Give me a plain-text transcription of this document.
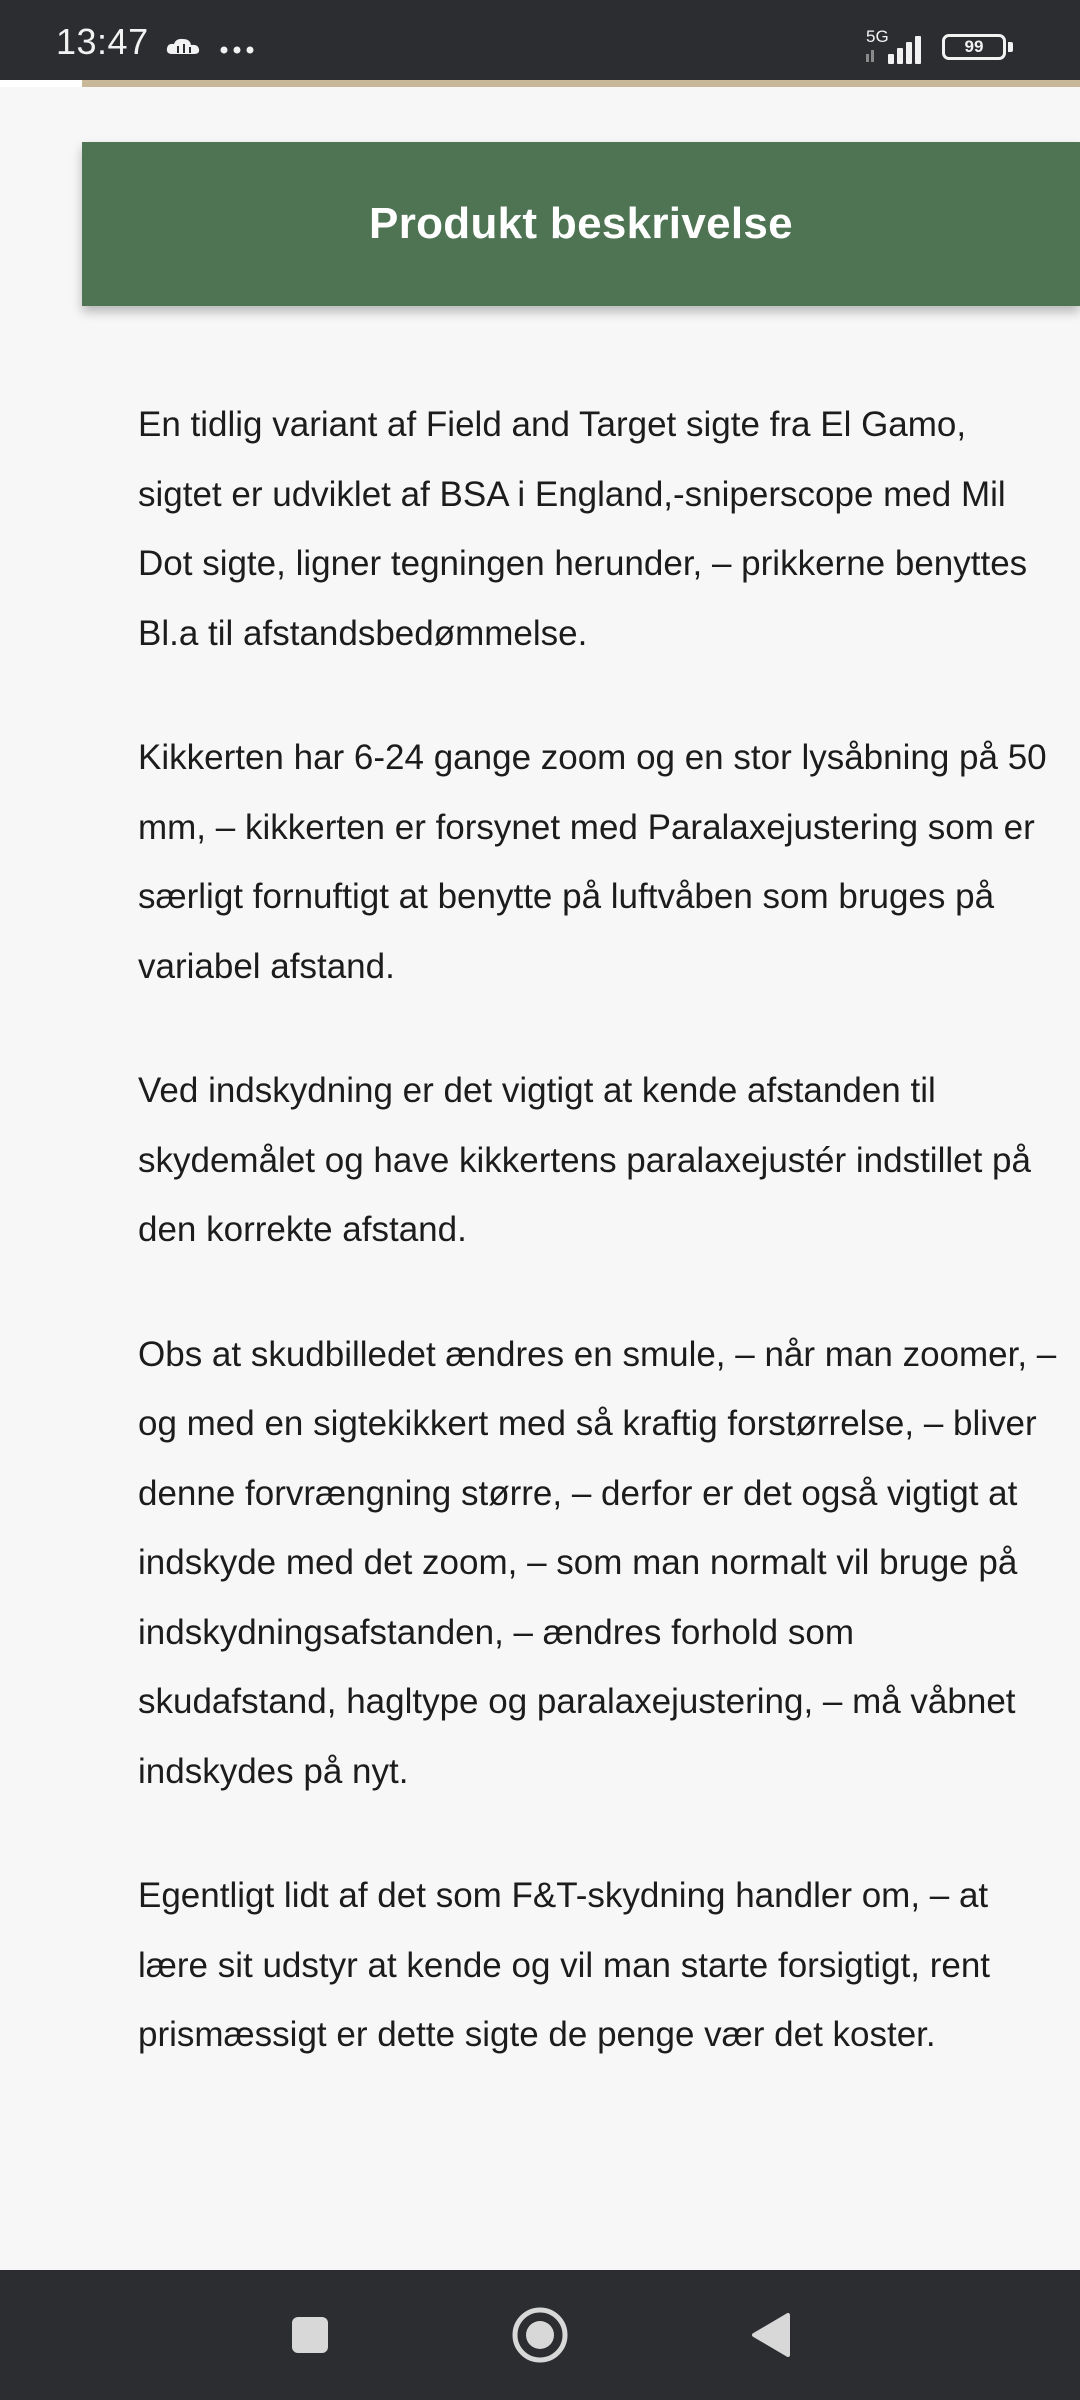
13:47	5G
99
Produkt beskrivelse

En tidlig variant af Field and Target sigte fra El Gamo, sigtet er udviklet af BSA i England,-sniperscope med Mil Dot sigte, ligner tegningen herunder, – prikkerne benyttes Bl.a til afstandsbedømmelse.

Kikkerten har 6-24 gange zoom og en stor lysåbning på 50 mm, – kikkerten er forsynet med Paralaxejustering som er særligt fornuftigt at benytte på luftvåben som bruges på variabel afstand.

Ved indskydning er det vigtigt at kende afstanden til skydemålet og have kikkertens paralaxejustér indstillet på den korrekte afstand.

Obs at skudbilledet ændres en smule, – når man zoomer, – og med en sigtekikkert med så kraftig forstørrelse, – bliver denne forvrængning større, – derfor er det også vigtigt at indskyde med det zoom, – som man normalt vil bruge på indskydningsafstanden, – ændres forhold som skudafstand, hagltype og paralaxejustering, – må våbnet indskydes på nyt.

Egentligt lidt af det som F&T-skydning handler om, – at lære sit udstyr at kende og vil man starte forsigtigt, rent prismæssigt er dette sigte de penge vær det koster.
